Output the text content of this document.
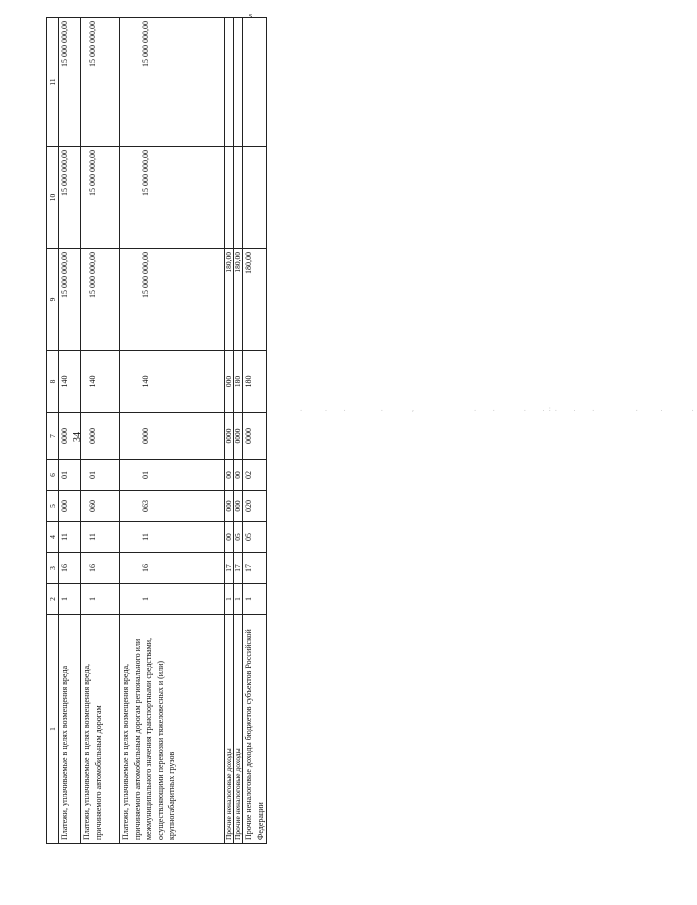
34
s
.   .  .     .    ,         .  .    .  .:.  .  .      .   .    .
1	2	3	4	5	6	7	8	9	10	11
Платежи, уплачиваемые в целях возмещения вреда	1	16	11	000	01	0000	140	15 000 000,00	15 000 000,00	15 000 000,00
Платежи, уплачиваемые в целях возмещения вреда, причиняемого автомобильным дорогам	1	16	11	060	01	0000	140	15 000 000,00	15 000 000,00	15 000 000,00
Платежи, уплачиваемые в целях возмещения вреда, причиняемого автомобильным дорогам регионального или межмуниципального значения транспортными средствами, осуществляющими перевозки тяжеловесных и (или) крупногабаритных грузов	1	16	11	063	01	0000	140	15 000 000,00	15 000 000,00	15 000 000,00
Прочие неналоговые доходы	1	17	00	000	00	0000	000	180,00		
Прочие неналоговые доходы	1	17	05	000	00	0000	180	180,00		
Прочие неналоговые доходы бюджетов субъектов Российской Федерации	1	17	05	020	02	0000	180	180,00		
